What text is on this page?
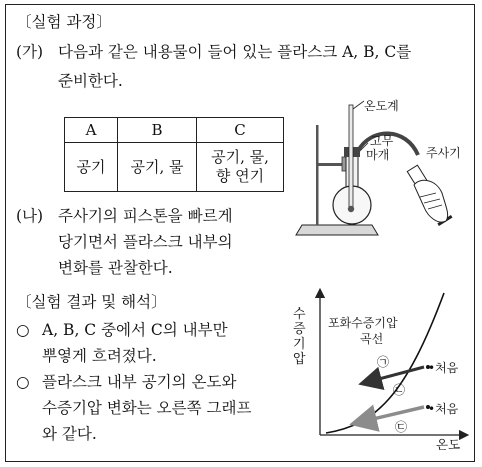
〔실험 과정〕
(가) 다음과 같은 내용물이 들어 있는 플라스크 A, B, C를
준비한다.
A	B	C
공기	공기, 물	공기, 물,
향 연기
(나) 주사기의 피스톤을 빠르게
당기면서 플라스크 내부의
변화를 관찰한다.
〔실험 결과 및 해석〕
○ A, B, C 중에서 C의 내부만
뿌옇게 흐려졌다.
○ 플라스크 내부 공기의 온도와
수증기압 변화는 오른쪽 그래프
와 같다.
온도계
고무
마개	주사기
수
증
기
압
포화수증기압
곡선
㉠
㉡
㉢
•처음
•처음
온도
